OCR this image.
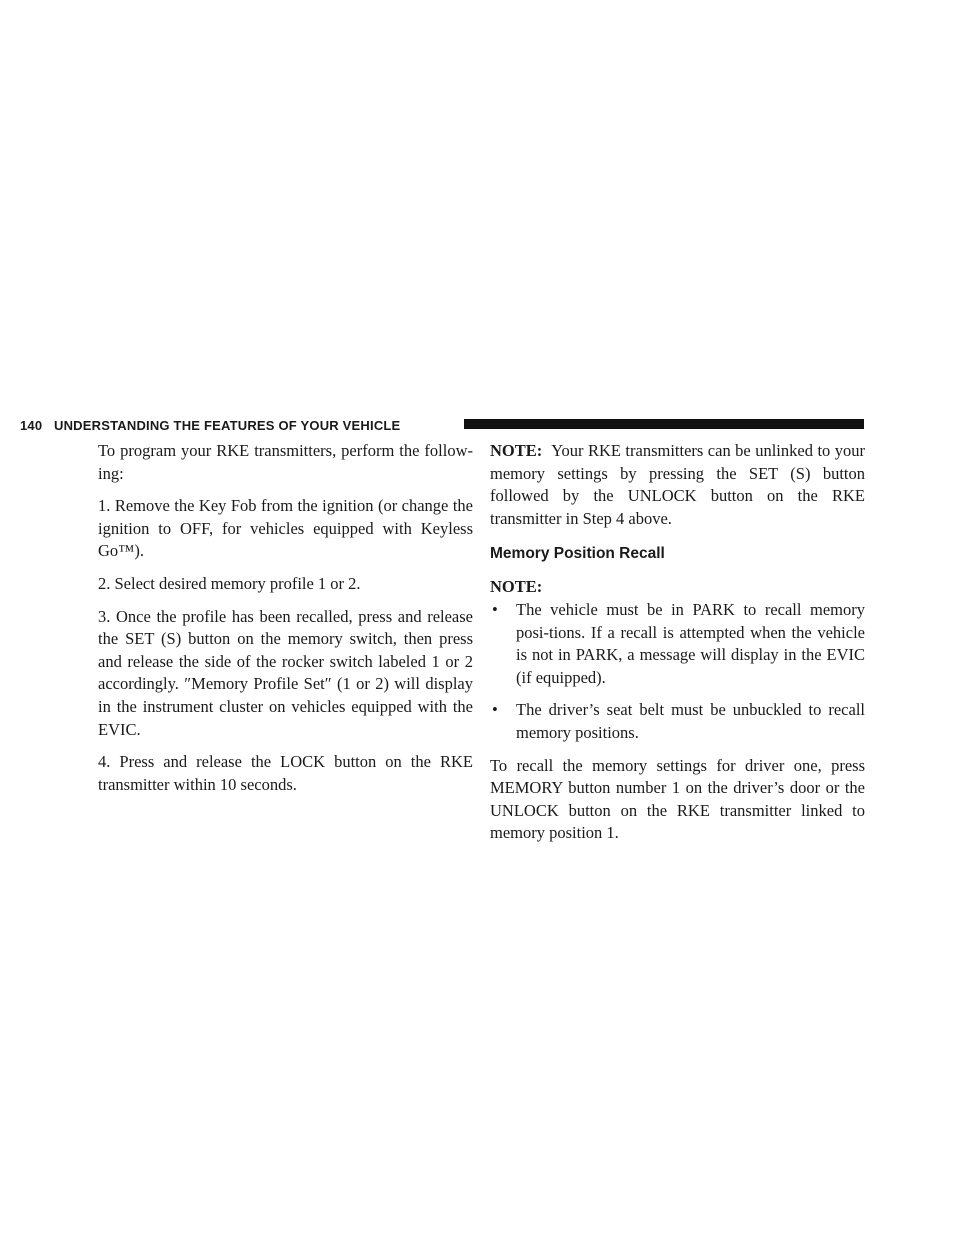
140 UNDERSTANDING THE FEATURES OF YOUR VEHICLE

To program your RKE transmitters, perform the follow-ing:

1. Remove the Key Fob from the ignition (or change the ignition to OFF, for vehicles equipped with Keyless Go™).

2. Select desired memory profile 1 or 2.

3. Once the profile has been recalled, press and release the SET (S) button on the memory switch, then press and release the side of the rocker switch labeled 1 or 2 accordingly. ″Memory Profile Set″ (1 or 2) will display in the instrument cluster on vehicles equipped with the EVIC.

4. Press and release the LOCK button on the RKE transmitter within 10 seconds.

NOTE: Your RKE transmitters can be unlinked to your memory settings by pressing the SET (S) button followed by the UNLOCK button on the RKE transmitter in Step 4 above.

Memory Position Recall

NOTE:

• The vehicle must be in PARK to recall memory posi-tions. If a recall is attempted when the vehicle is not in PARK, a message will display in the EVIC (if equipped).
• The driver’s seat belt must be unbuckled to recall memory positions.

To recall the memory settings for driver one, press MEMORY button number 1 on the driver’s door or the UNLOCK button on the RKE transmitter linked to memory position 1.
